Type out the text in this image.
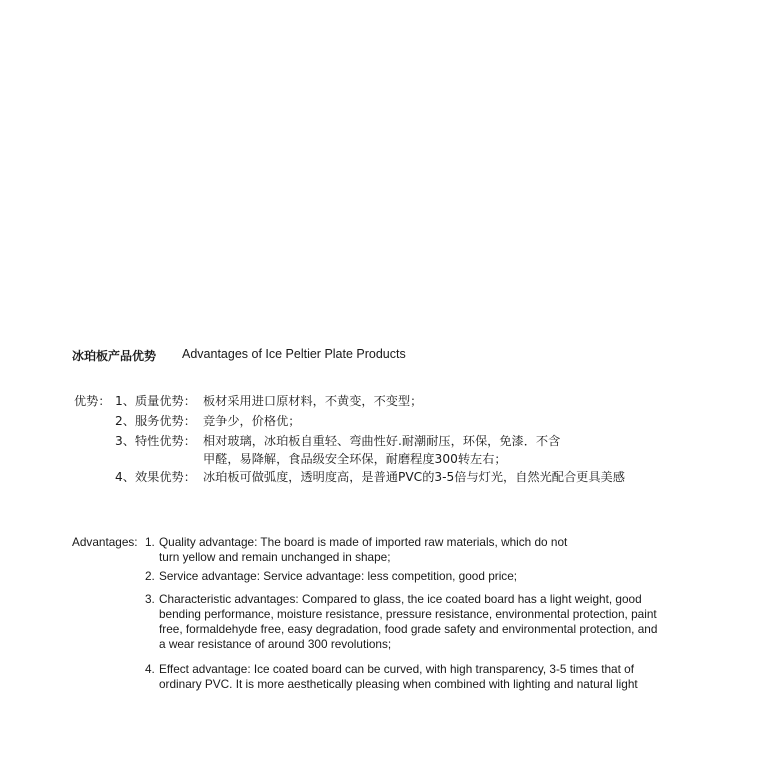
冰珀板产品优势 Advantages of Ice Peltier Plate Products
优势： 1、质量优势： 板材采用进口原材料，不黄变，不变型；
2、服务优势： 竞争少，价格优；
3、特性优势： 相对玻璃，冰珀板自重轻、弯曲性好.耐潮耐压，环保，免漆．不含
甲醛，易降解，食品级安全环保，耐磨程度300转左右；
4、效果优势： 冰珀板可做弧度，透明度高，是普通PVC的3-5倍与灯光，自然光配合更具美感
Advantages: 1. Quality advantage: The board is made of imported raw materials, which do not
turn yellow and remain unchanged in shape;
2. Service advantage: Service advantage: less competition, good price;
3. Characteristic advantages: Compared to glass, the ice coated board has a light weight, good
bending performance, moisture resistance, pressure resistance, environmental protection, paint
free, formaldehyde free, easy degradation, food grade safety and environmental protection, and
a wear resistance of around 300 revolutions;
4. Effect advantage: Ice coated board can be curved, with high transparency, 3-5 times that of
ordinary PVC. It is more aesthetically pleasing when combined with lighting and natural light
